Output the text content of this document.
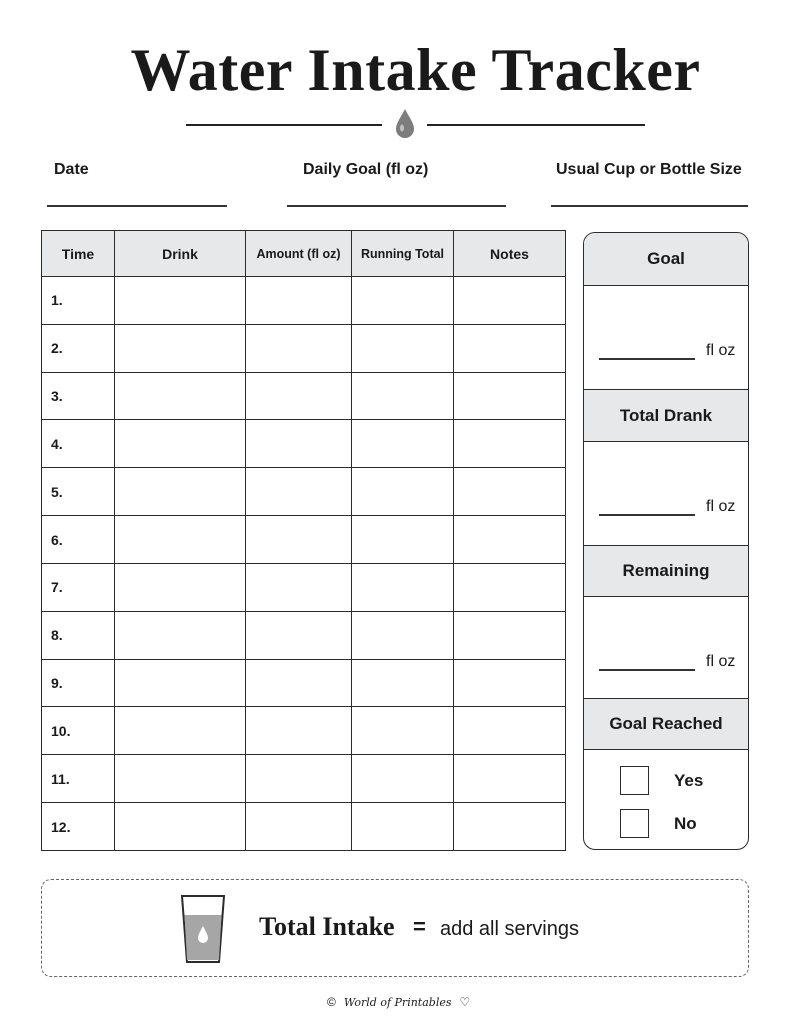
Water Intake Tracker
Date	Daily Goal (fl oz)	Usual Cup or Bottle Size
Time	Drink	Amount (fl oz)	Running Total	Notes
1.				
2.				
3.				
4.				
5.				
6.				
7.				
8.				
9.				
10.				
11.				
12.				
Goal
fl oz
Total Drank
fl oz
Remaining
fl oz
Goal Reached
Yes
No
Total Intake = add all servings
© World of Printables ♡
